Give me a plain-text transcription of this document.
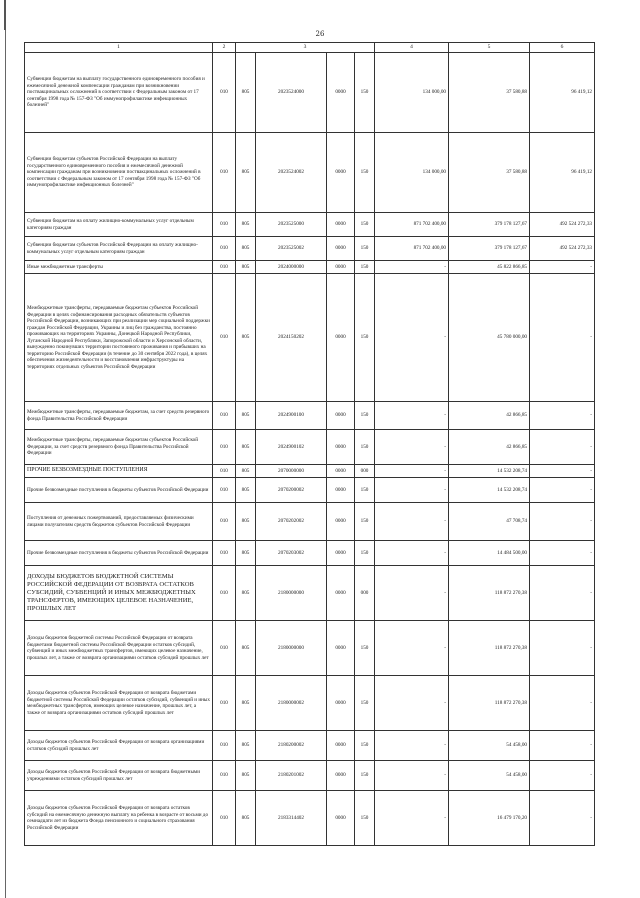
26
1	2	3				4	5	6
Субвенции бюджетам на выплату государственного единовременного пособия и ежемесячной денежной компенсации гражданам при возникновении поствакцинальных осложнений в соответствии с Федеральным законом от 17 сентября 1998 года № 157-ФЗ "Об иммунопрофилактике инфекционных болезней"	010	805	2023524000	0000	150	134 000,00	37 580,88	96 419,12
Субвенции бюджетам субъектов Российской Федерации на выплату государственного единовременного пособия и ежемесячной денежной компенсации гражданам при возникновении поствакцинальных осложнений в соответствии с Федеральным законом от 17 сентября 1998 года № 157-ФЗ "Об иммунопрофилактике инфекционных болезней"	010	805	2023524002	0000	150	134 000,00	37 580,88	96 419,12
Субвенции бюджетам на оплату жилищно-коммунальных услуг отдельным категориям граждан	010	805	2023525000	0000	150	871 702 400,00	379 178 127,67	492 524 272,33
Субвенции бюджетам субъектов Российской Федерации на оплату жилищно-коммунальных услуг отдельным категориям граждан	010	805	2023525002	0000	150	871 702 400,00	379 178 127,67	492 524 272,33
Иные межбюджетные трансферты	010	805	2024000000	0000	150	-	45 822 866,85	-
Межбюджетные трансферты, передаваемые бюджетам субъектов Российской Федерации в целях софинансирования расходных обязательств субъектов Российской Федерации, возникающих при реализации мер социальной поддержки граждан Российской Федерации, Украины и лиц без гражданства, постоянно проживающих на территориях Украины, Донецкой Народной Республики, Луганской Народной Республики, Запорожской области и Херсонской области, вынужденно покинувших территории постоянного проживания и прибывших на территорию Российской Федерации (в течение до 30 сентября 2022 года), в целях обеспечения жизнедеятельности и восстановления инфраструктуры на территориях отдельных субъектов Российской Федерации	010	805	2024150202	0000	150	-	45 780 000,00	-
Межбюджетные трансферты, передаваемые бюджетам, за счет средств резервного фонда Правительства Российской Федерации	010	805	2024900100	0000	150	-	42 866,85	-
Межбюджетные трансферты, передаваемые бюджетам субъектов Российской Федерации, за счет средств резервного фонда Правительства Российской Федерации	010	805	2024900102	0000	150	-	42 866,85	-
ПРОЧИЕ БЕЗВОЗМЕЗДНЫЕ ПОСТУПЛЕНИЯ	010	805	2070000000	0000	000	-	14 532 208,74	-
Прочие безвозмездные поступления в бюджеты субъектов Российской Федерации	010	805	2070200002	0000	150	-	14 532 208,74	-
Поступления от денежных пожертвований, предоставляемых физическими лицами получателям средств бюджетов субъектов Российской Федерации	010	805	2070202002	0000	150	-	47 708,74	-
Прочие безвозмездные поступления в бюджеты субъектов Российской Федерации	010	805	2070203002	0000	150	-	14 484 500,00	-
ДОХОДЫ БЮДЖЕТОВ БЮДЖЕТНОЙ СИСТЕМЫ РОССИЙСКОЙ ФЕДЕРАЦИИ ОТ ВОЗВРАТА ОСТАТКОВ СУБСИДИЙ, СУБВЕНЦИЙ И ИНЫХ МЕЖБЮДЖЕТНЫХ ТРАНСФЕРТОВ, ИМЕЮЩИХ ЦЕЛЕВОЕ НАЗНАЧЕНИЕ, ПРОШЛЫХ ЛЕТ	010	805	2180000000	0000	000	-	118 872 270,38	-
Доходы бюджетов бюджетной системы Российской Федерации от возврата бюджетами бюджетной системы Российской Федерации остатков субсидий, субвенций и иных межбюджетных трансфертов, имеющих целевое назначение, прошлых лет, а также от возврата организациями остатков субсидий прошлых лет	010	805	2180000000	0000	150	-	118 872 270,38	-
Доходы бюджетов субъектов Российской Федерации от возврата бюджетами бюджетной системы Российской Федерации остатков субсидий, субвенций и иных межбюджетных трансфертов, имеющих целевое назначение, прошлых лет, а также от возврата организациями остатков субсидий прошлых лет	010	805	2180000002	0000	150	-	118 872 270,38	-
Доходы бюджетов субъектов Российской Федерации от возврата организациями остатков субсидий прошлых лет	010	805	2180200002	0000	150	-	54 458,00	-
Доходы бюджетов субъектов Российской Федерации от возврата бюджетными учреждениями остатков субсидий прошлых лет	010	805	2180201002	0000	150	-	54 458,00	-
Доходы бюджетов субъектов Российской Федерации от возврата остатков субсидий на ежемесячную денежную выплату на ребенка в возрасте от восьми до семнадцати лет из бюджета Фонда пенсионного и социального страхования Российской Федерации	010	805	2183314402	0000	150	-	16 479 170,20	-
